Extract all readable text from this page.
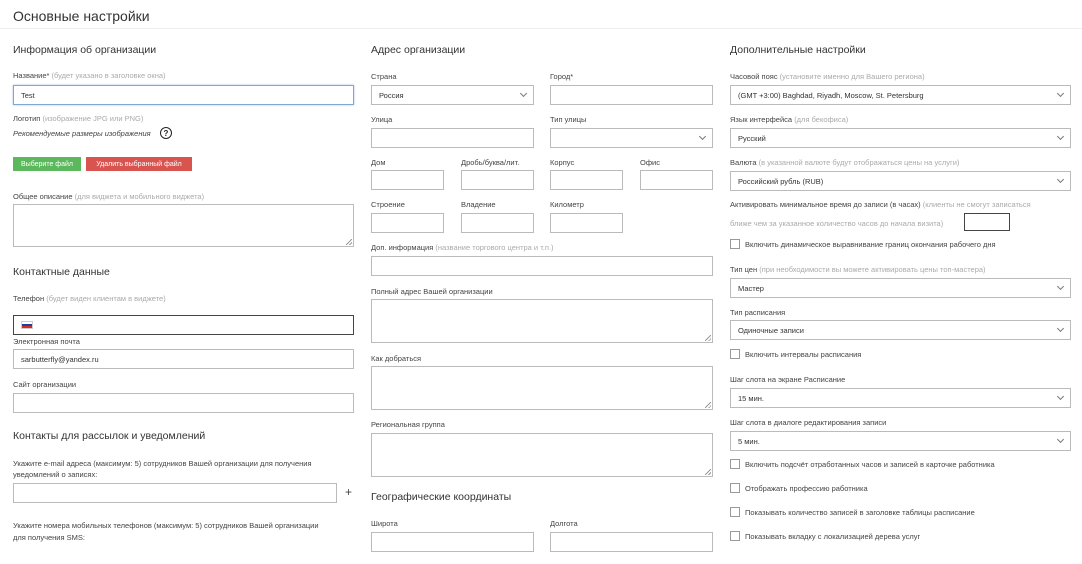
Основные настройки
Информация об организации
Название* (будет указано в заголовке окна)
Test
Логотип (изображение JPG или PNG)
Рекомендуемые размеры изображения	?
Выберите файл	Удалить выбранный файл
Общее описание (для виджета и мобильного виджета)
Контактные данные
Телефон (будет виден клиентам в виджете)
Электронная почта
sarbutterfly@yandex.ru
Сайт организации
Контакты для рассылок и уведомлений
Укажите e-mail адреса (максимум: 5) сотрудников Вашей организации для получения
уведомлений о записях:
+
Укажите номера мобильных телефонов (максимум: 5) сотрудников Вашей организации
для получения SMS:
Адрес организации
Страна
Россия
Город*
Улица	Тип улицы
Дом	Дробь/буква/лит.	Корпус	Офис
Строение	Владение	Километр
Доп. информация (название торгового центра и т.п.)
Полный адрес Вашей организации
Как добраться
Региональная группа
Географические координаты
Широта	Долгота
Дополнительные настройки
Часовой пояс (установите именно для Вашего региона)
(GMT +3:00) Baghdad, Riyadh, Moscow, St. Petersburg
Язык интерфейса (для бекофиса)
Русский
Валюта (в указанной валюте будут отображаться цены на услуги)
Российский рубль (RUB)
Активировать минимальное время до записи (в часах) (клиенты не смогут записаться
ближе чем за указанное количество часов до начала визита)
Включить динамическое выравнивание границ окончания рабочего дня
Тип цен (при необходимости вы можете активировать цены топ-мастера)
Мастер
Тип расписания
Одиночные записи
Включить интервалы расписания
Шаг слота на экране Расписание
15 мин.
Шаг слота в диалоге редактирования записи
5 мин.
Включить подсчёт отработанных часов и записей в карточке работника
Отображать профессию работника
Показывать количество записей в заголовке таблицы расписание
Показывать вкладку с локализацией дерева услуг
